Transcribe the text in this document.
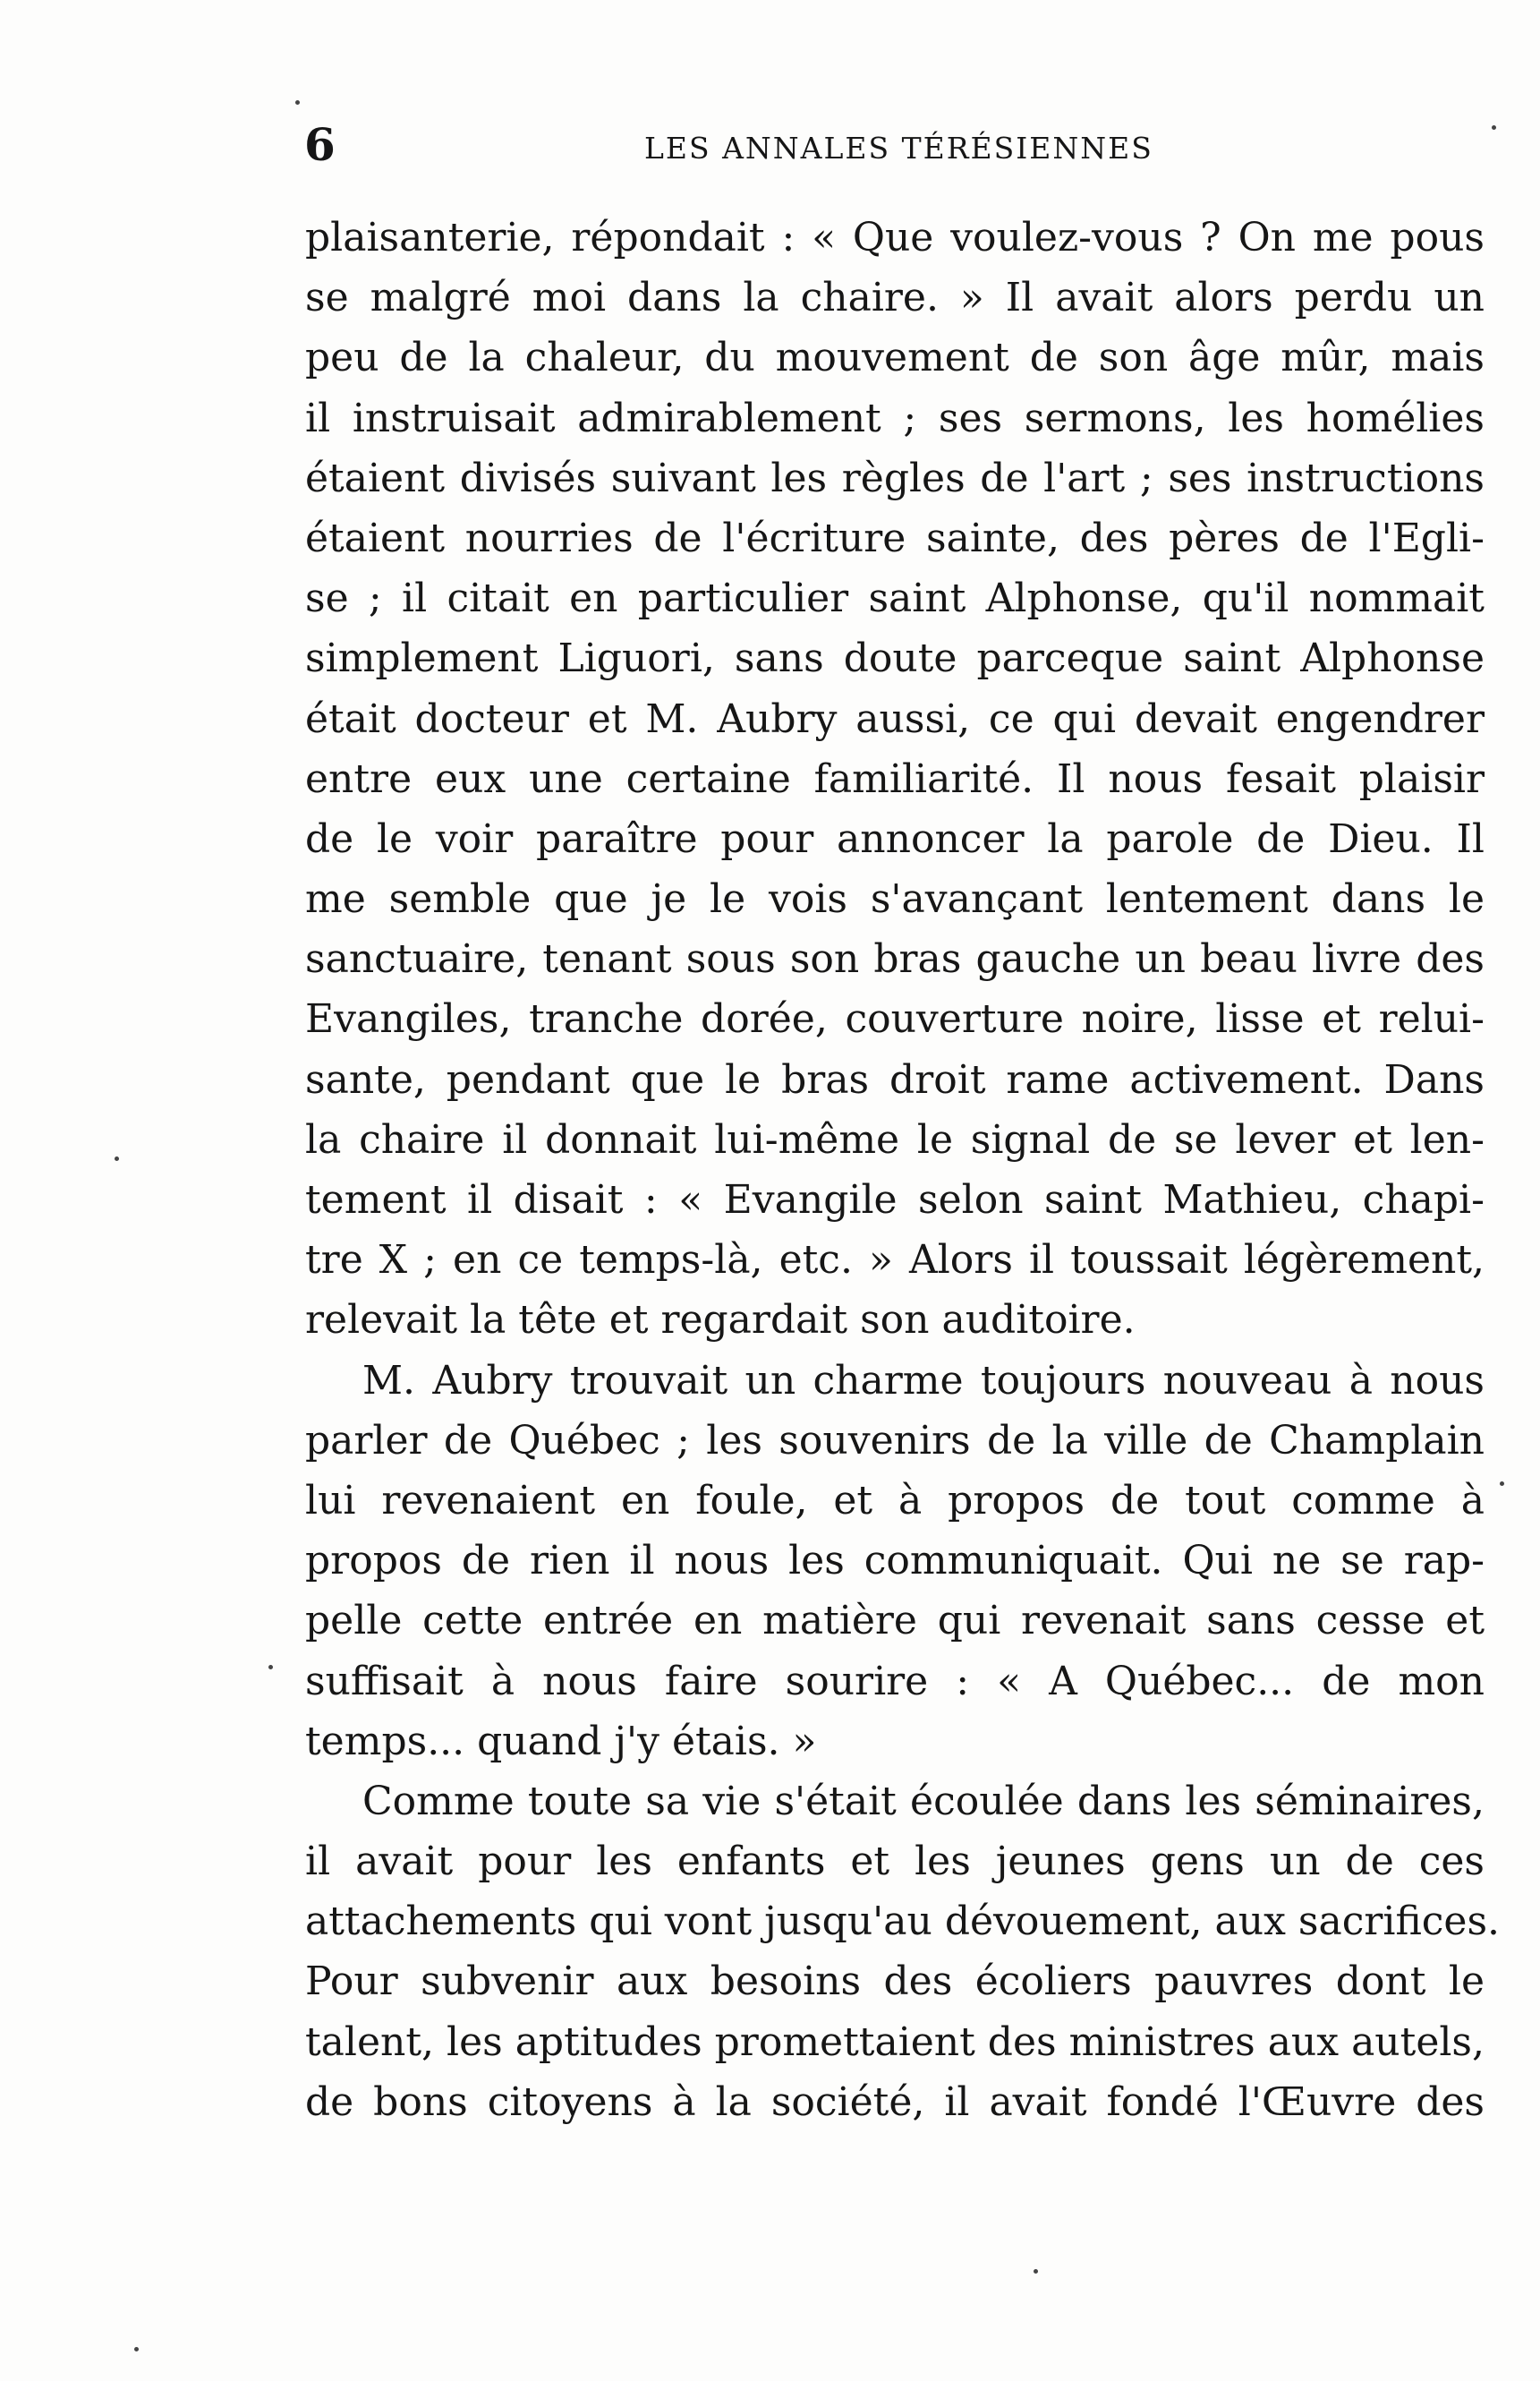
6	LES ANNALES TÉRÉSIENNES
plaisanterie, répondait : « Que voulez-vous ? On me pous
se malgré moi dans la chaire. » Il avait alors perdu un
peu de la chaleur, du mouvement de son âge mûr, mais
il instruisait admirablement ; ses sermons, les homélies
étaient divisés suivant les règles de l'art ; ses instructions
étaient nourries de l'écriture sainte, des pères de l'Egli-
se ; il citait en particulier saint Alphonse, qu'il nommait
simplement Liguori, sans doute parceque saint Alphonse
était docteur et M. Aubry aussi, ce qui devait engendrer
entre eux une certaine familiarité. Il nous fesait plaisir
de le voir paraître pour annoncer la parole de Dieu. Il
me semble que je le vois s'avançant lentement dans le
sanctuaire, tenant sous son bras gauche un beau livre des
Evangiles, tranche dorée, couverture noire, lisse et relui-
sante, pendant que le bras droit rame activement. Dans
la chaire il donnait lui-même le signal de se lever et len-
tement il disait : « Evangile selon saint Mathieu, chapi-
tre X ; en ce temps-là, etc. » Alors il toussait légèrement,
relevait la tête et regardait son auditoire.
M. Aubry trouvait un charme toujours nouveau à nous
parler de Québec ; les souvenirs de la ville de Champlain
lui revenaient en foule, et à propos de tout comme à
propos de rien il nous les communiquait. Qui ne se rap-
pelle cette entrée en matière qui revenait sans cesse et
suffisait à nous faire sourire : « A Québec... de mon
temps... quand j'y étais. »
Comme toute sa vie s'était écoulée dans les séminaires,
il avait pour les enfants et les jeunes gens un de ces
attachements qui vont jusqu'au dévouement, aux sacrifices.
Pour subvenir aux besoins des écoliers pauvres dont le
talent, les aptitudes promettaient des ministres aux autels,
de bons citoyens à la société, il avait fondé l'Œuvre des
